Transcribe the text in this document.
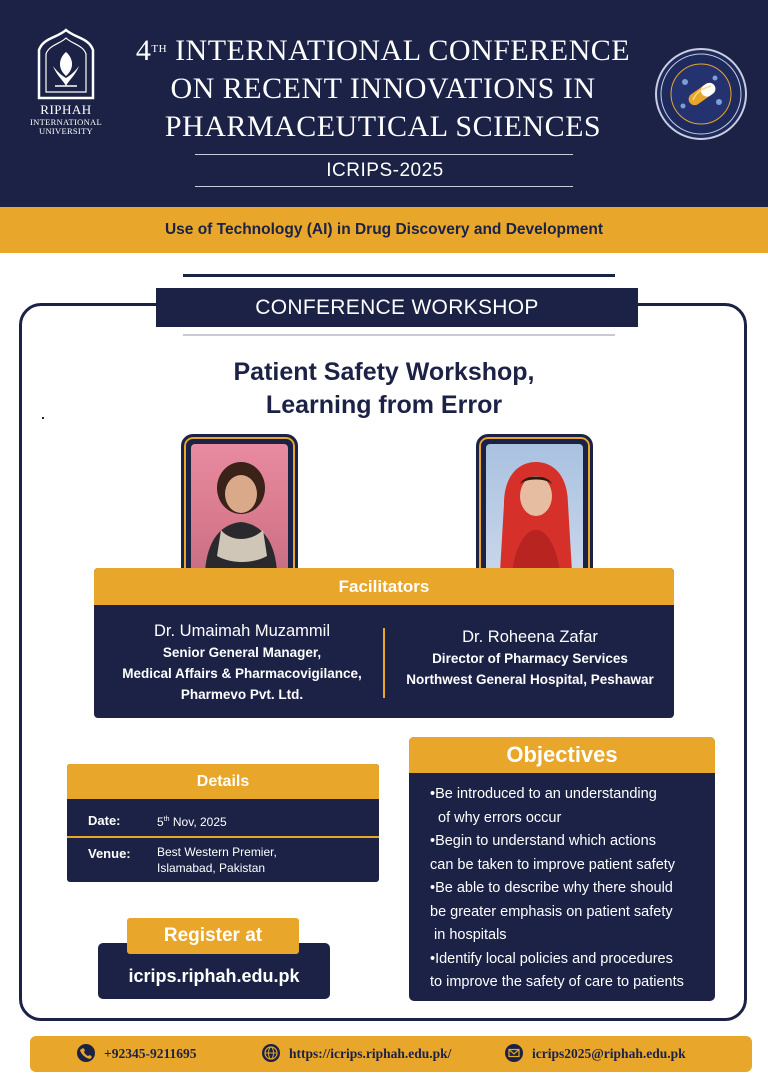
RIPHAH
INTERNATIONAL UNIVERSITY
4TH INTERNATIONAL CONFERENCE
ON RECENT INNOVATIONS IN
PHARMACEUTICAL SCIENCES
ICRIPS-2025
Use of Technology (AI) in Drug Discovery and Development
CONFERENCE WORKSHOP
Patient Safety Workshop,
Learning from Error
Facilitators
Dr. Umaimah Muzammil
Senior General Manager,
Medical Affairs & Pharmacovigilance,
Pharmevo Pvt. Ltd.
Dr. Roheena Zafar
Director of Pharmacy Services
Northwest General Hospital, Peshawar
Details
Date:	5th Nov, 2025
Venue: Best Western Premier,
Islamabad, Pakistan
icrips.riphah.edu.pk
Register at
Objectives
•Be introduced to an understanding
of why errors occur
•Begin to understand which actions
can be taken to improve patient safety
•Be able to describe why there should
be greater emphasis on patient safety
in hospitals
•Identify local policies and procedures
to improve the safety of care to patients
+92345-9211695	https://icrips.riphah.edu.pk/	icrips2025@riphah.edu.pk
